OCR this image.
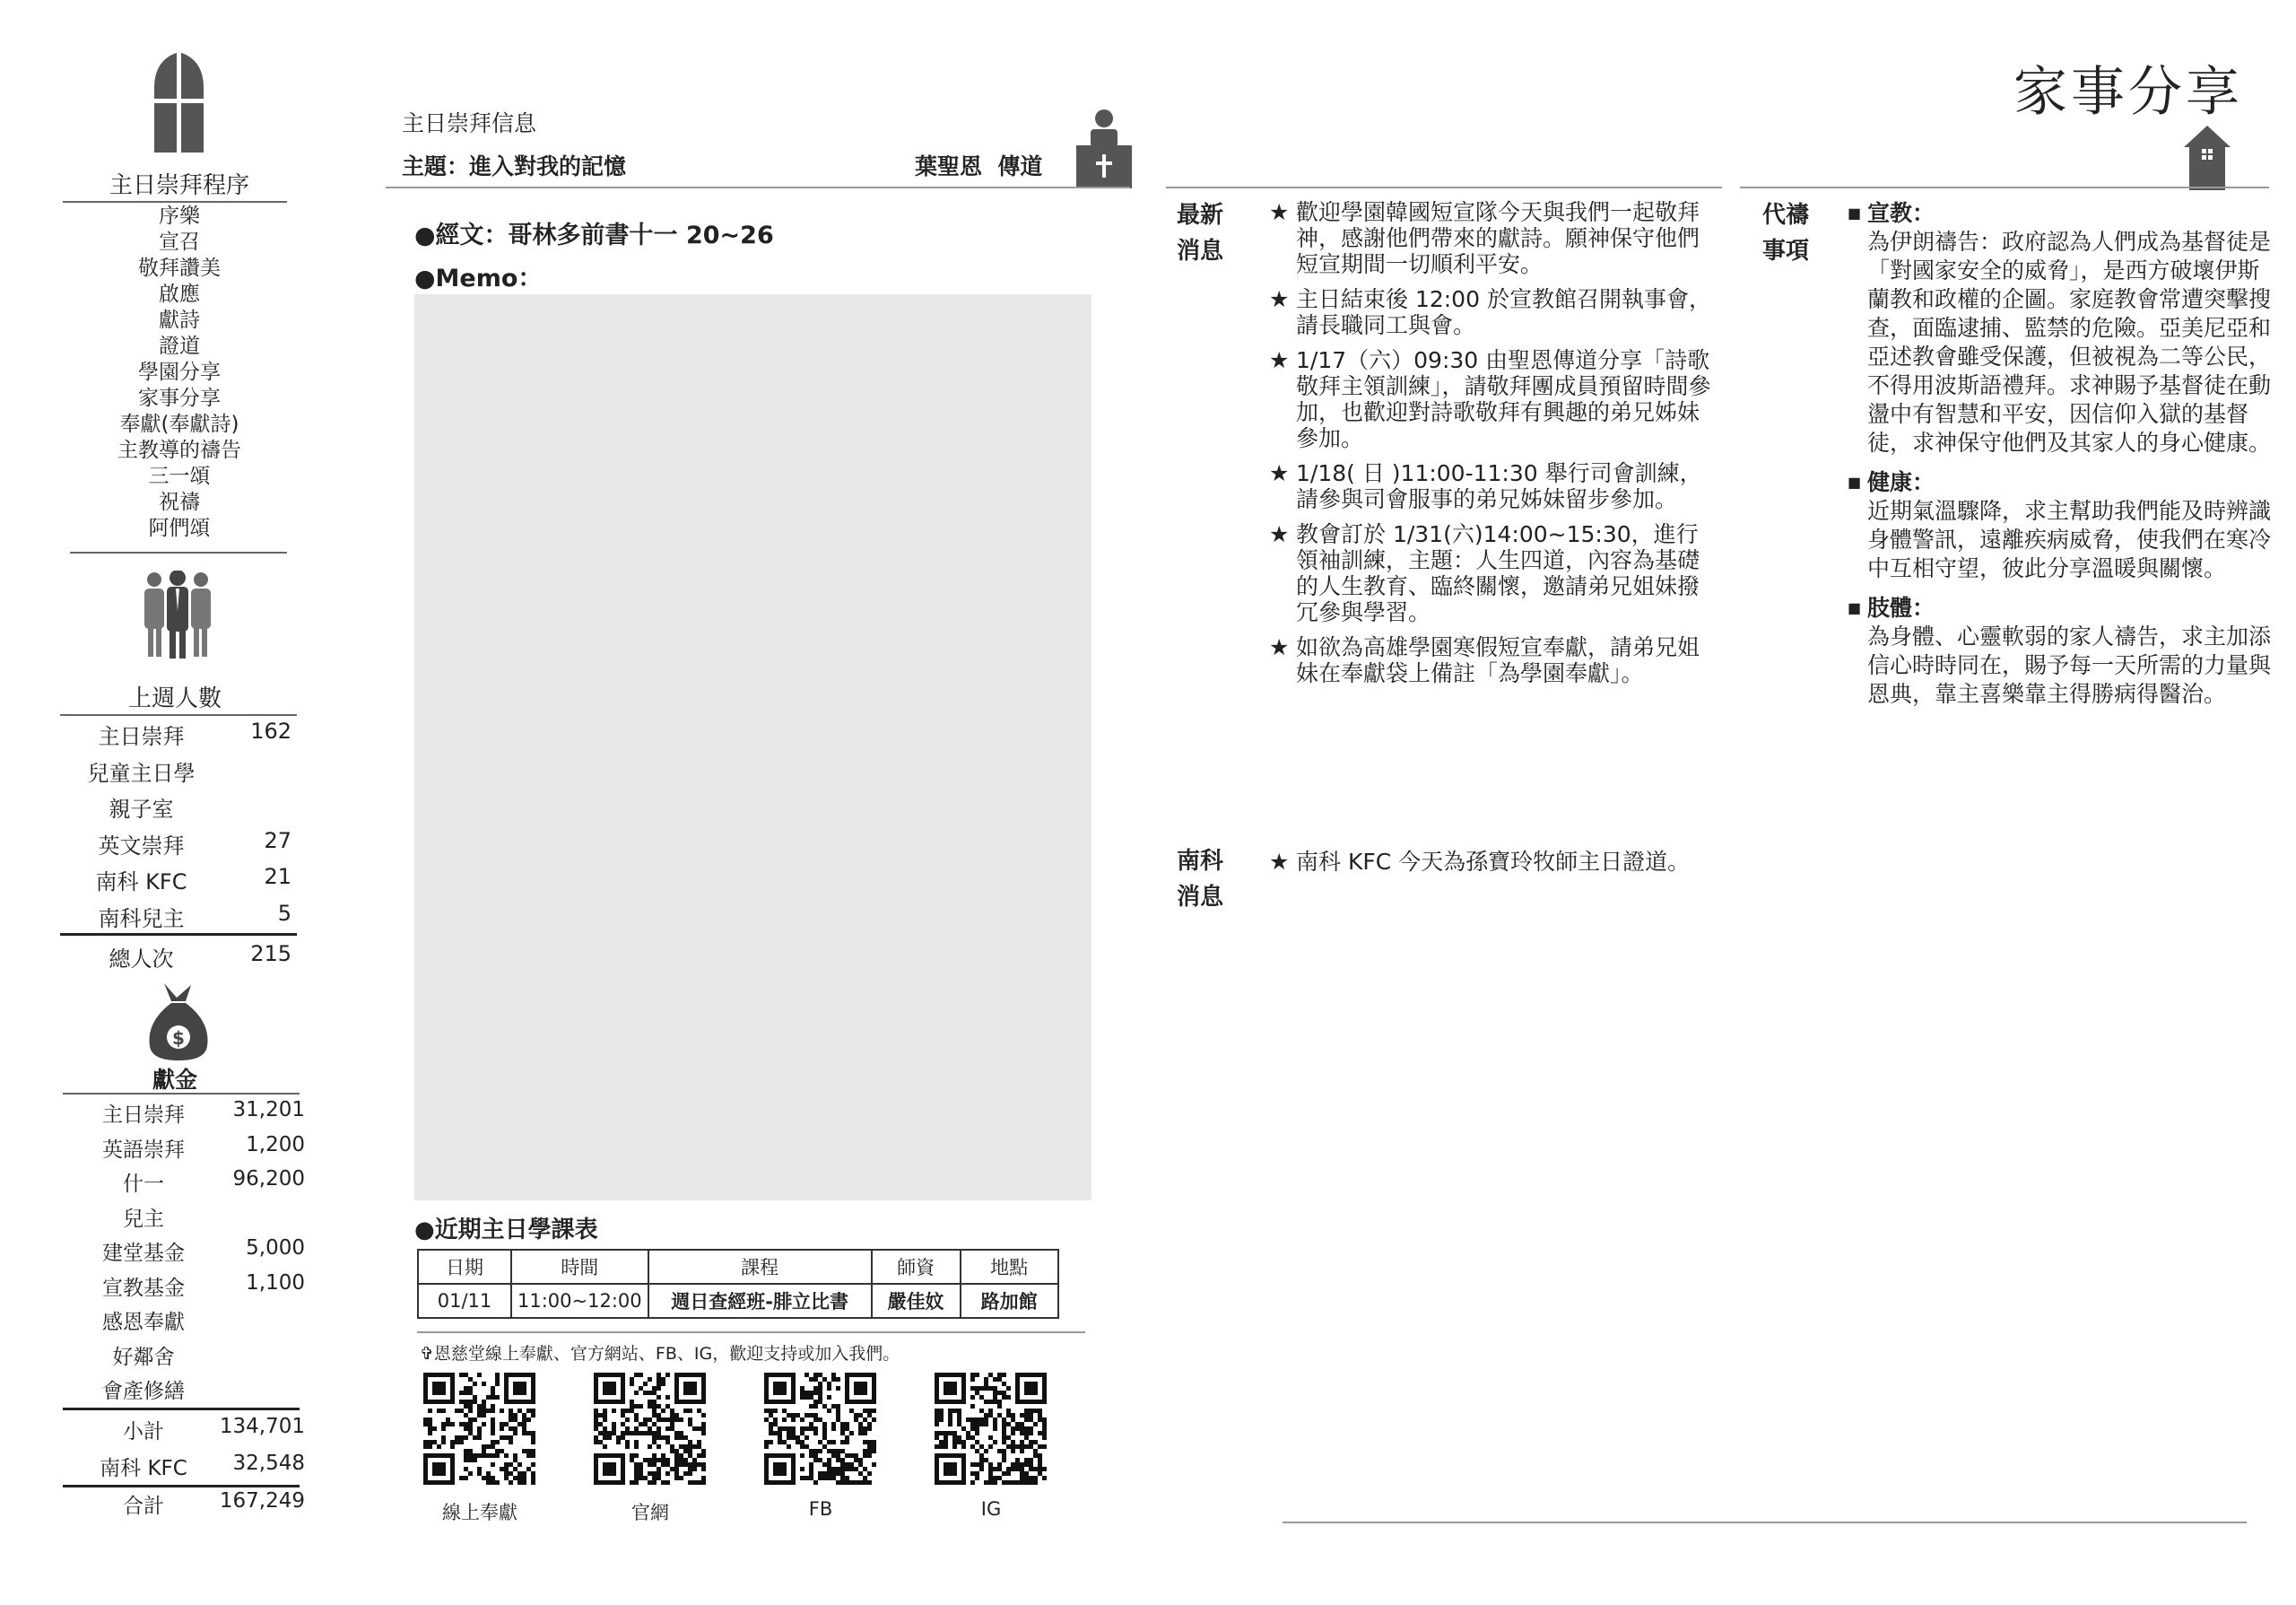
主日崇拜程序
序樂
宣召
敬拜讚美
啟應
獻詩
證道
學園分享
家事分享
奉獻(奉獻詩)
主教導的禱告
三一頌
祝禱
阿們頌
上週人數
主日崇拜	162
兒童主日學
親子室
英文崇拜	27
南科 KFC	21
南科兒主	5
總人次	215
$
獻金
主日崇拜	31,201
英語崇拜	1,200
什一	96,200
兒主
建堂基金	5,000
宣教基金	1,100
感恩奉獻
好鄰舍
會產修繕
小計	134,701
南科 KFC	32,548
合計	167,249
主日崇拜信息
主題：進入對我的記憶	葉聖恩  傳道
●經文：哥林多前書十一 20~26
●Memo：
●近期主日學課表
日期	時間	課程	師資	地點
01/11	11:00~12:00	週日查經班-腓立比書	嚴佳妏	路加館
✞恩慈堂線上奉獻、官方網站、FB、IG，歡迎支持或加入我們。
線上奉獻	官網	FB	IG
家事分享
最新
消息
★ 歡迎學園韓國短宣隊今天與我們一起敬拜神，感謝他們帶來的獻詩。願神保守他們短宣期間一切順利平安。
★ 主日結束後 12:00 於宣教館召開執事會，請長職同工與會。
★ 1/17（六）09:30 由聖恩傳道分享「詩歌敬拜主領訓練」，請敬拜團成員預留時間參加，也歡迎對詩歌敬拜有興趣的弟兄姊妹參加。
★ 1/18( 日 )11:00-11:30 舉行司會訓練，請參與司會服事的弟兄姊妹留步參加。
★ 教會訂於 1/31(六)14:00~15:30，進行領袖訓練，主題：人生四道，內容為基礎的人生教育、臨終關懷，邀請弟兄姐妹撥冗參與學習。
★ 如欲為高雄學園寒假短宣奉獻，請弟兄姐妹在奉獻袋上備註「為學園奉獻」。
南科
消息
★ 南科 KFC 今天為孫寶玲牧師主日證道。
代禱
事項
■ 宣教：
為伊朗禱告：政府認為人們成為基督徒是「對國家安全的威脅」，是西方破壞伊斯蘭教和政權的企圖。家庭教會常遭突擊搜查，面臨逮捕、監禁的危險。亞美尼亞和亞述教會雖受保護，但被視為二等公民，不得用波斯語禮拜。求神賜予基督徒在動盪中有智慧和平安，因信仰入獄的基督徒，求神保守他們及其家人的身心健康。
■ 健康：
近期氣溫驟降，求主幫助我們能及時辨識身體警訊，遠離疾病威脅，使我們在寒冷中互相守望，彼此分享溫暖與關懷。
■ 肢體：
為身體、心靈軟弱的家人禱告，求主加添信心時時同在，賜予每一天所需的力量與恩典，靠主喜樂靠主得勝病得醫治。
